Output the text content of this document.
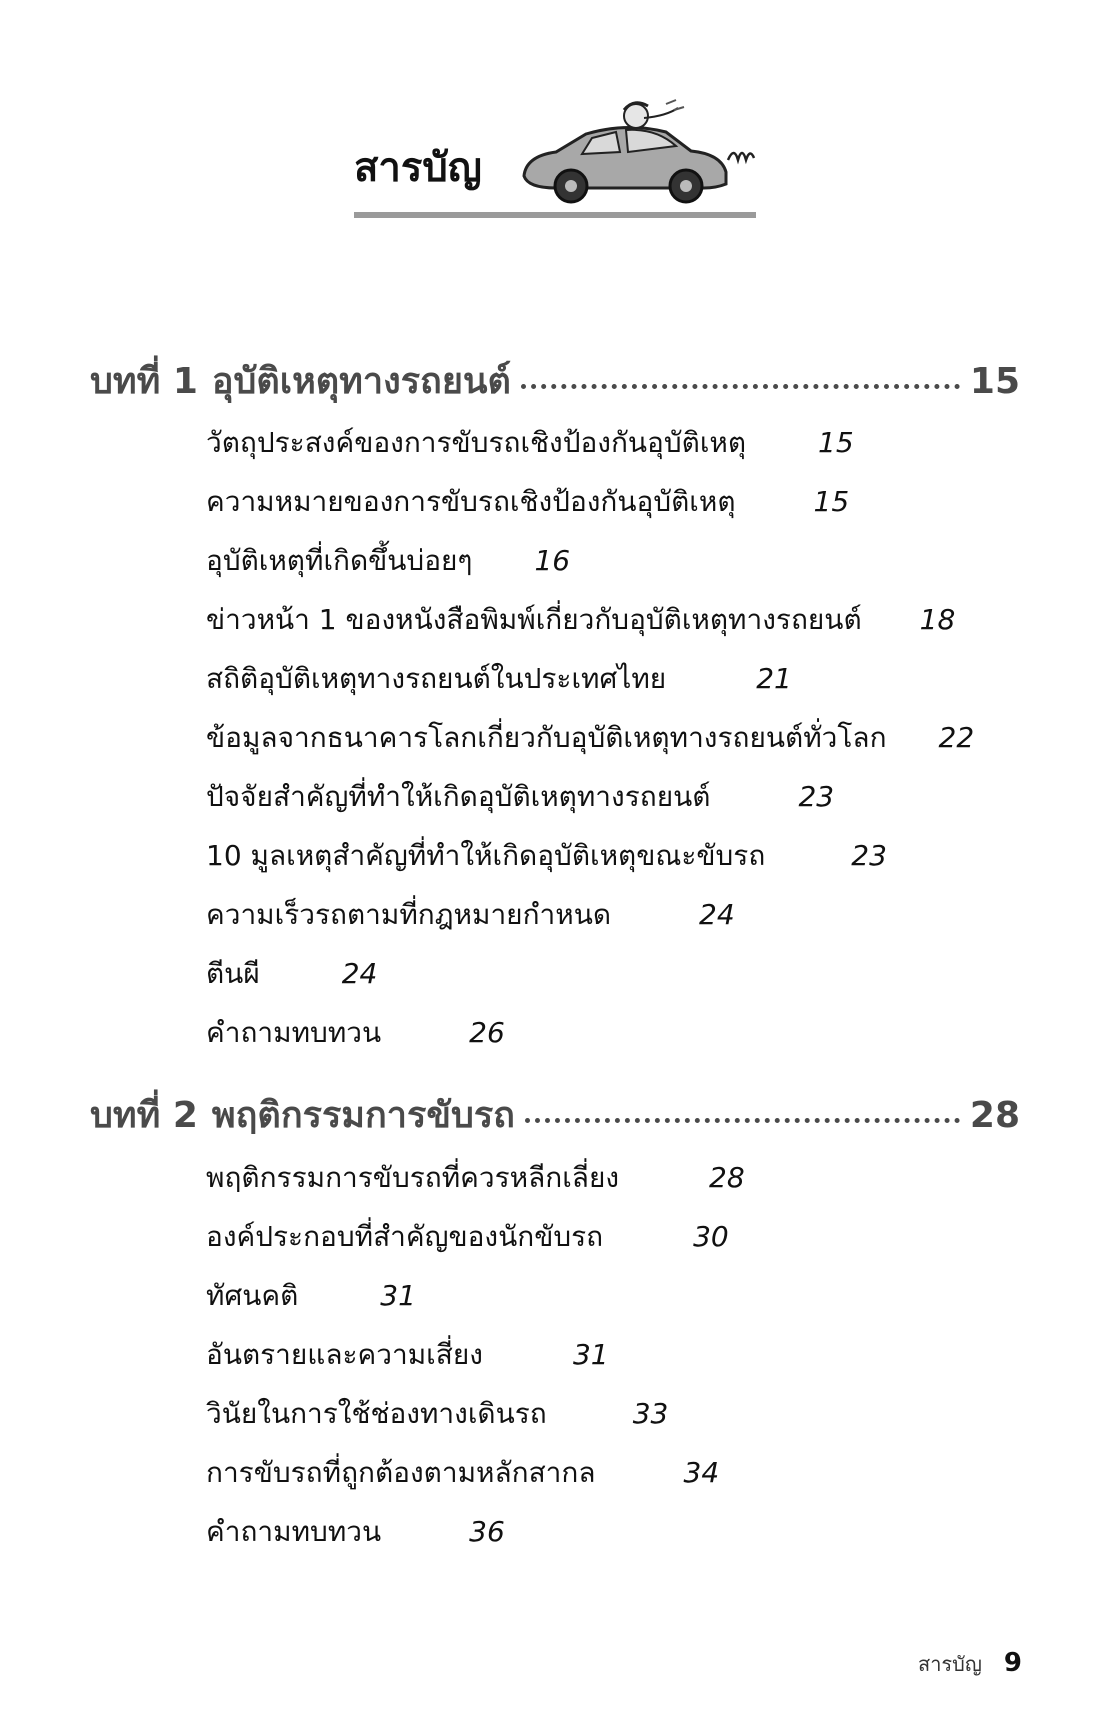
สารบัญ
บทที่ 1 อุบัติเหตุทางรถยนต์	15
วัตถุประสงค์ของการขับรถเชิงป้องกันอุบัติเหตุ	15
ความหมายของการขับรถเชิงป้องกันอุบัติเหตุ	15
อุบัติเหตุที่เกิดขึ้นบ่อยๆ 16
ข่าวหน้า 1 ของหนังสือพิมพ์เกี่ยวกับอุบัติเหตุทางรถยนต์ 18
สถิติอุบัติเหตุทางรถยนต์ในประเทศไทย	21
ข้อมูลจากธนาคารโลกเกี่ยวกับอุบัติเหตุทางรถยนต์ทั่วโลก 22
ปัจจัยสำคัญที่ทำให้เกิดอุบัติเหตุทางรถยนต์	23
10 มูลเหตุสำคัญที่ทำให้เกิดอุบัติเหตุขณะขับรถ	23
ความเร็วรถตามที่กฎหมายกำหนด	24
ตีนผี	24
คำถามทบทวน	26
บทที่ 2 พฤติกรรมการขับรถ	28
พฤติกรรมการขับรถที่ควรหลีกเลี่ยง	28
องค์ประกอบที่สำคัญของนักขับรถ	30
ทัศนคติ	31
อันตรายและความเสี่ยง	31
วินัยในการใช้ช่องทางเดินรถ	33
การขับรถที่ถูกต้องตามหลักสากล	34
คำถามทบทวน	36
สารบัญ 9
